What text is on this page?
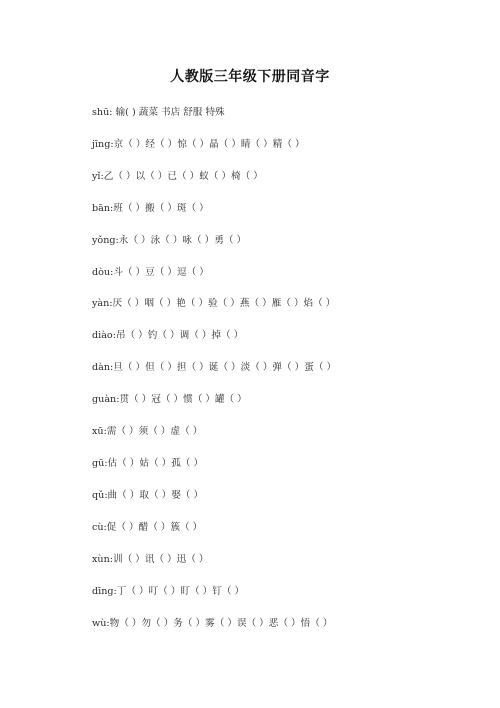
人教版三年级下册同音字
shū: 输( ) 蔬菜 书店 舒服 特殊
jīng:京（ ）经（ ）惊（ ）晶（ ）睛（ ）精（ ）
yǐ:乙（ ）以（ ）已（ ）蚁（ ）椅（ ）
bān:班（ ）搬（ ）斑（ ）
yǒng:永（ ）泳（ ）咏（ ）勇（ ）
dòu:斗（ ）豆（ ）逗（ ）
yàn:厌（ ）咽（ ）艳（ ）验（ ）燕（ ）雁（ ）焰（ ）
diào:吊（ ）钓（ ）调（ ）掉（ ）
dàn:旦（ ）但（ ）担（ ）诞（ ）淡（ ）弹（ ）蛋（ ）
guàn:贯（ ）冠（ ）惯（ ）罐（ ）
xū:需（ ）须（ ）虚（ ）
gū:估（ ）姑（ ）孤（ ）
qǔ:曲（ ）取（ ）娶（ ）
cù:促（ ）醋（ ）簇（ ）
xùn:训（ ）讯（ ）迅（ ）
dīng:丁（ ）叮（ ）盯（ ）钉（ ）
wù:物（ ）勿（ ）务（ ）雾（ ）误（ ）恶（ ）悟（ ）
